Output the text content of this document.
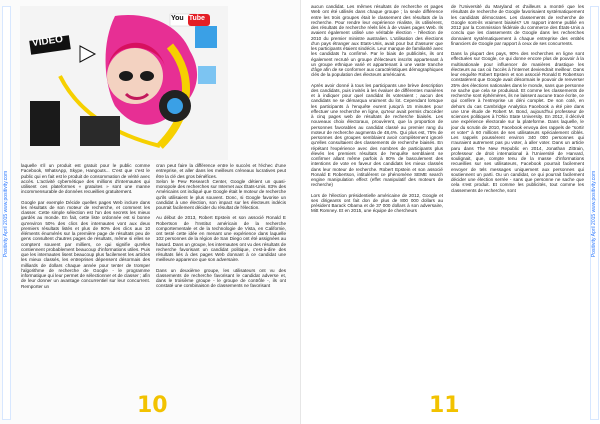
Positivity April 2015 www.positivity.com
VIDEO
You Tube

laquelle s'il un produit est gratuit pour le public comme Facebook, WhatsApp, Skype, Hangouts... C'est que c'est le public qui en fait est le produit de consommation de vérité avec accès. L'activité cybernétique des millions d'internautes qui utilisent ces plateformes « gratuites » sont une manne incommensurable de données recueillies gratuitement.

Google par exemple Décide quelles pages Web inclure dans les résultats de son moteur de recherche, et comment les classer. Cette simple sélection est l'un des secrets les mieux gardés au monde. En fait, cette liste ordonnée est si bonne qu'environ 50% des clics des internautes vont aux deux premiers résultats listés et plus de 90% des clics aux 10 éléments énumérés sur la première page de résultats peu de gens consultent d'autres pages de résultats, même si elles se comptent souvent par milliers, ce qui signifie qu'elles contiennent probablement beaucoup d'informations utiles. Puis que les internautes lisent beaucoup plus facilement les articles les mieux classés, les entreprises dépensent désormais des milliards de dollars chaque année pour tenter de tromper l'algorithme de recherche de Google - le programme informatique qui leur permet de sélectionner et de classer ; afin de leur donner un avantage concurrentiel sur leur concurrent. Remporter un

cran peut faire la différence entre le succès et l'échec d'une entreprise, et aller dans les meilleurs créneaux lucratives peut être la clé des gros bénéfices.

Selon le Pew Research Center, Google détient un quasi-monopole des recherches sur Internet aux États-Unis. 83% des Américains ont indiqué que Google était le moteur de recherche qu'ils utilisaient le plus souvent. Donc, si Google favorise un candidat à une élection, son impact sur les électeurs indécis pourrait facilement décider du résultat de l'élection.

Au début de 2013, Robert Epstein et son associé Ronald E Robertson de l'Institut américain de la recherche comportementale et de la technologie de Vista, en Californie, ont testé cette idée en menant une expérience dans laquelle 102 personnes de la région de San Diego ont été assignées au hasard. Dans un groupe, les internautes ont vu des résultats de recherche favorisant un candidat politique, c'est-à-dire des résultats liés à des pages Web donnant à ce candidat une meilleure apparence que son adversaire.

Dans un deuxième groupe, les utilisateurs ont vu des classements de recherche favorisant le candidat adverse et, dans le troisième groupe - le groupe de contrôle -, ils ont constaté une combinaison de classements ne favorisant

10

aucun candidat. Les mêmes résultats de recherche et pages Web ont été utilisés dans chaque groupe ; la seule différence entre les trois groupes était le classement des résultats de la recherche. Pour rendre leur expérience réaliste, ils utilisèrent, des résultats de recherche réels liés à de vraies pages Web. Ils avaient également utilisé une véritable élection - l'élection de 2010 du premier ministre australien. L'utilisation des élections d'un pays étranger aux Etats-Unis, avait pour but d'assurer que les participants étaient sindécis. Leur manque de familiarité avec les candidats l'a confirmé. Par le biais de publicités, ils ont également recruté un groupe d'électeurs inscrits appartenant à un groupe ethnique varié et appartenant à une vaste tranche d'âge afin de se conformer aux caractéristiques démographiques clés de la population des électeurs américains.

Après avoir donné à tous les participants une brève description des candidats, puis invités à les évaluer de différentes manières et à indiquer pour quel candidat ils voteraient ; aucun des candidats ne se démarqua vraiment du lot. Cependant lorsque les participants à l'enquête eurent jusqu'à 15 minutes pour effectuer une recherche en ligne, qu'Ieur avait permis d'accéder à cinq pages web de résultats de recherche biaisés. Les nouveaux choix électoraux, prouvèrent, que la proportion de personnes favorables au candidat classé au premier rang du moteur de recherche augmenta de 48,4%. Qui plus est, 75% de personnes des groupes semblaient avoir complètement ignoré qu'elles consultaient des classements de recherche biaisés. En répétant l'expérience avec des nombres de participants plus élevés les premiers résultats de l'enquête semblaient se confirmer allant même parfois à 80% de basculement des intentions de vote en faveur des candidats les mieux classés dans leur moteur de recherche. Robert Epstein et son associé Ronald E Robertson, intitulèrent ce phénomène SEME search engine manipulation effect (effet manipulatif des moteurs de recherche)

Lors de l'élection présidentielle américaine de 2012, Google et ses dirigeants ont fait don de plus de 800 000 dollars au président Barack Obama et de 37 000 dollars à son adversaire, Mitt Romney. Et en 2015, une équipe de chercheurs

de l'Université du Maryland et d'ailleurs a montré que les résultats de recherche de Google favorisaient systématiquement les candidats démocrates. Les classements de recherche de Google sont-ils vraiment biaisés? Un rapport interne publié en 2012 par la Commission fédérale du commerce des États-Unis a conclu que les classements de Google dans les recherches donnaient systématiquement à chaque entreprise des entités financiers de Google par rapport à ceux de ses concurrents.

Dans la plupart des pays, 90% des recherches en ligne sont effectuées sur Google, ce qui donne encore plus de pouvoir à la multinationale pour influencer de manières drastique les électeurs au cas où l'accès à l'internet deviendrait meilleur. Dans leur enquête Robert Epstein et son associé Ronald E Robertson constatèrent que Google avait désormais le pouvoir de renverser 25% des élections nationales dans le monde, sans que personne ne sache que cela se produisait. Et comme les classements de recherche sont éphémères, ils ne laissent aucune trace écrite, ce qui confère à l'entreprise un déni complet. De son coté, en dehors du cas Cambridge Analytica Facebook a été pire dans une Une étude de Robert M. Bond, aujourd'hui professeur de sciences politiques à l'Ohio State University. En 2012, il décrivit une expérience électorale sur la plateforme. Dans laquelle, le jour du scrutin de 2010, Facebook envoya des rappels de "sortir et voter" à 60 millions de ses utilisateurs spécialement ciblés. Les rappels poussèrent environ 340 000 personnes qui n'auraient autrement pas pu voter, à aller voter. Dans un article paru dans The New Republic en 2014, Jonathan Zittrain, professeur de droit international à l'Université de Harvard, soulignait, que, compte tenu de la masse d'informations recueillies sur ses utilisateurs, Facebook pourrait facilement envoyer de tels messages uniquement aux personnes qui soutiennent un parti. Ou un candidat, ce qui pourrait facilement décider une élection serrée - sans que personne ne sache que cela s'est produit. Et comme les publicités, tout comme les classements de recherche, sont

11
Positivity April 2015 www.positivity.com
